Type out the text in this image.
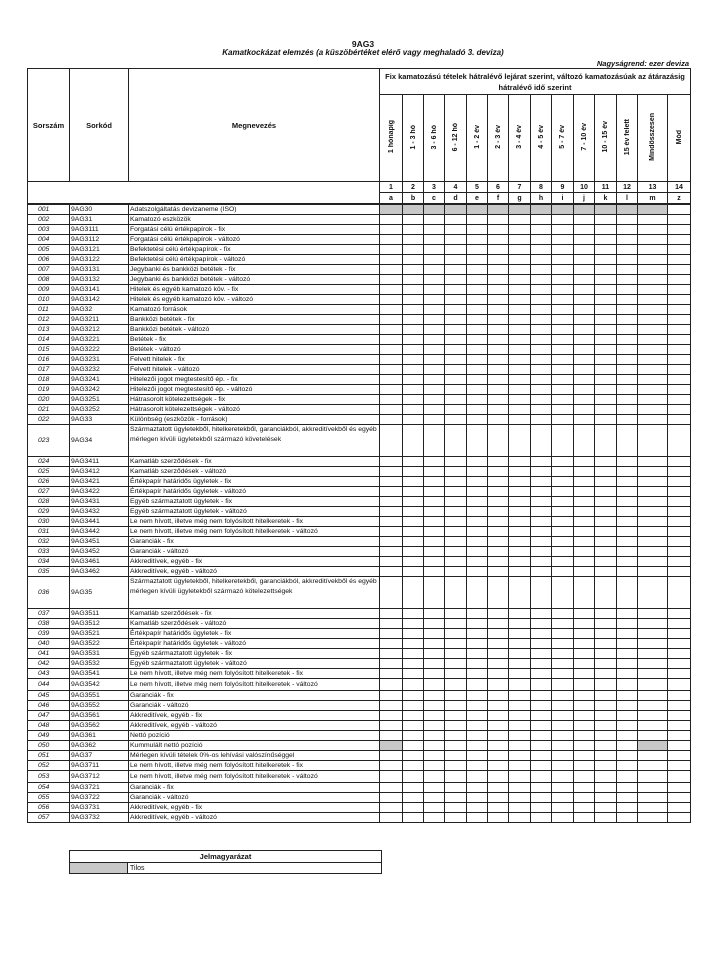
9AG3
Kamatkockázat elemzés (a küszöbértéket elérő vagy meghaladó 3. deviza)
Nagyságrend: ezer deviza
Sorszám	Sorkód	Megnevezés	Fix kamatozású tételek hátralévő lejárat szerint, változó kamatozásúak az átárazásig hátralévő idő szerint													
			1 hónapig	1 - 3 hó	3 - 6 hó	6 - 12 hó	1 - 2 év	2 - 3 év	3 - 4 év	4 - 5 év	5 - 7 év	7 - 10 év	10 - 15 év	15 év felett	Mindösszesen	Mód
			1	2	3	4	5	6	7	8	9	10	11	12	13	14
			a	b	c	d	e	f	g	h	i	j	k	l	m	z
001	9AG30	Adatszolgáltatás devizaneme (ISO)														
002	9AG31	Kamatozó eszközök														
003	9AG3111	Forgatási célú értékpapírok - fix														
004	9AG3112	Forgatási célú értékpapírok - változó														
005	9AG3121	Befektetési célú értékpapírok - fix														
006	9AG3122	Befektetési célú értékpapírok - változó														
007	9AG3131	Jegybanki és bankközi betétek - fix														
008	9AG3132	Jegybanki és bankközi betétek - változó														
009	9AG3141	Hitelek és egyéb kamatozó köv. - fix														
010	9AG3142	Hitelek és egyéb kamatozó köv. - változó														
011	9AG32	Kamatozó források														
012	9AG3211	Bankközi betétek - fix														
013	9AG3212	Bankközi betétek - változó														
014	9AG3221	Betétek - fix														
015	9AG3222	Betétek - változó														
016	9AG3231	Felvett hitelek - fix														
017	9AG3232	Felvett hitelek - változó														
018	9AG3241	Hitelezői jogot megtestesítő ép. - fix														
019	9AG3242	Hitelezői jogot megtestesítő ép. - változó														
020	9AG3251	Hátrasorolt kötelezettségek - fix														
021	9AG3252	Hátrasorolt kötelezettségek - változó														
022	9AG33	Különbség (eszközök - források)														
023	9AG34	Származtatott ügyletekből, hitelkeretekből, garanciákból, akkreditívekből és egyéb mérlegen kívüli ügyletekből származó követelések														
024	9AG3411	Kamatláb szerződések - fix														
025	9AG3412	Kamatláb szerződések - változó														
026	9AG3421	Értékpapír határidős ügyletek - fix														
027	9AG3422	Értékpapír határidős ügyletek - változó														
028	9AG3431	Egyéb származtatott ügyletek - fix														
029	9AG3432	Egyéb származtatott ügyletek - változó														
030	9AG3441	Le nem hívott, illetve még nem folyósított hitelkeretek - fix														
031	9AG3442	Le nem hívott, illetve még nem folyósított hitelkeretek - változó														
032	9AG3451	Garanciák - fix														
033	9AG3452	Garanciák - változó														
034	9AG3461	Akkreditívek, egyéb - fix														
035	9AG3462	Akkreditívek, egyéb - változó														
036	9AG35	Származtatott ügyletekből, hitelkeretekből, garanciákból, akkreditívekből és egyéb mérlegen kívüli ügyletekből származó kötelezettségek														
037	9AG3511	Kamatláb szerződések - fix														
038	9AG3512	Kamatláb szerződések - változó														
039	9AG3521	Értékpapír határidős ügyletek - fix														
040	9AG3522	Értékpapír határidős ügyletek - változó														
041	9AG3531	Egyéb származtatott ügyletek - fix														
042	9AG3532	Egyéb származtatott ügyletek - változó														
043	9AG3541	Le nem hívott, illetve még nem folyósított hitelkeretek - fix														
044	9AG3542	Le nem hívott, illetve még nem folyósított hitelkeretek - változó														
045	9AG3551	Garanciák - fix														
046	9AG3552	Garanciák - változó														
047	9AG3561	Akkreditívek, egyéb - fix														
048	9AG3562	Akkreditívek, egyéb - változó														
049	9AG361	Nettó pozíció														
050	9AG362	Kummulált nettó pozíció														
051	9AG37	Mérlegen kívüli tételek 0%-os lehívási valószínűséggel														
052	9AG3711	Le nem hívott, illetve még nem folyósított hitelkeretek - fix														
053	9AG3712	Le nem hívott, illetve még nem folyósított hitelkeretek - változó														
054	9AG3721	Garanciák - fix														
055	9AG3722	Garanciák - változó														
056	9AG3731	Akkreditívek, egyéb - fix														
057	9AG3732	Akkreditívek, egyéb - változó														
Jelmagyarázat
	Tilos
